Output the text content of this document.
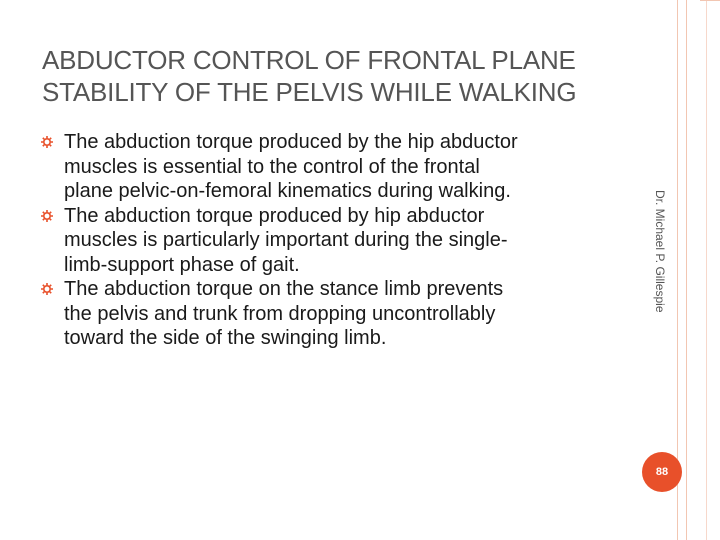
ABDUCTOR CONTROL OF FRONTAL PLANE
STABILITY OF THE PELVIS WHILE WALKING
The abduction torque produced by the hip abductor
muscles is essential to the control of the frontal
plane pelvic-on-femoral kinematics during walking.
The abduction torque produced by hip abductor
muscles is particularly important during the single-
limb-support phase of gait.
The abduction torque on the stance limb prevents
the pelvis and trunk from dropping uncontrollably
toward the side of the swinging limb.
Dr. Michael P. Gillespie
88
